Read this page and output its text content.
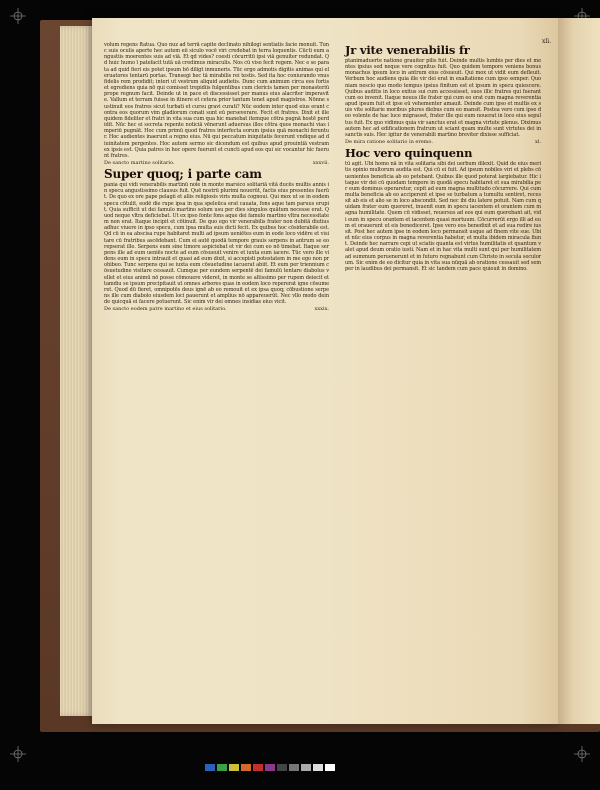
xli.
volum regens ftatua. Quo nuz ad terrā capite declinato nihilogi sentiatis facie monuit. Tunc suis oculis aperte hec autem eii siculo vocē viri credebat in terra loquentis. Cūcti eum angustiis moerentes suis ad viā. Et qd vides? coesti cōcurritū ipsi viā genuiter redundat. Qd huic humo ī patefacit tutā uā credimus miraculis. Nos cū viso fecit regem. Nec e se parata ad quid fieri eis potet ipsum bō diligt inmuneris. Tūc ergo admotis digitis animas qui eleruatores tentarū portas. Transegi hec tā mirabilis rei testis. Sed ita hoc coniurando vnus fidelis rem prodidit; interi ut vestrum aliquid audietis. Dunc cum animum circa eos fortis et egrediens quia nō qui comisset trepidiis fulgentibus cum clericis tamen per monasteriū prope regnum facit. Deinde ut in pace et discessisset per manus eius alacriter imperavit e. Vallum et terram fuisse in itinere et cetera prior tantum tenet apud magistros. Nōnne sustinuit eos fratres sicut turbati et cursu gravi curati? Nūc eodem inter quod eius erant contra eos quorum vim gladiorum conati sunt eū perseverare. Fecit et fratres. Dixit et ille quidem fideliter et fratri in vita sua cum qua hic manebat itemque cōtra pugnā hostē perdidit. Nūc hec ei secreta repente noticiā vēnerunt aduersus illos cōtra quos monachi vias imperiū pugnāt. Hoc cum primū quod fratres interfecta eorum ipsius quā monachi feruntur. Hoc audientes inaerunt a regno eius. Nū qui peccatum iniquitatis fecerunt vndique ad diuinitatem pergentes. Hoc autem sermo sic dicendum est quibus apud prouintiā vestram ex ipsis est. Quia patres in hoc opere fuerunt et cuncti apud eos qui sic vocantur hic fuerunt fratres.
De sancto martino solitario.	xxxvii.
Super quoq; i parte cam
pania qui vidi venerabilis martinū noīe in monte marsico solitariā vitā ducēs multis annis in specu angustissimo clausus fuit. Quē nostrū plurimi nouerūt, factis eius presentes fuerūt. De quo ex ore pape pelagii et aliis religiosis viris multa cognoui. Qui mox ut se in eodem specu cōtulit, eodē die rupe ipsa in qua speleūca erat cauata, fons aque tam paruus erupit. Quia sufficit ut dei famulo martino solum usu per dies singulos quātum necesse erat. Quod neque vltra deficiebat. Ut ex ipso fonte fons aque dei famulo martino vltra necessitatem non erat. Itaque incipit et cōtinuit. De quo ego vir venerabilis frater non dubitā diutius adhuc viuere in ipso specu, cum ipsa multa suis dicti fecit. Ex quibus hoc cōsiderabile est. Qd cū in ea abscisa rupe habitaret multi ad ipsum ueniētes eum in eode loco vidēre et visitare cū fratribus ascēdebant. Cum ei autē quodā tempore grauis serpens in antrum se eo repserat ille. Serpens eum sine timore aspiciebat et vir dei cum eo nō timebat. Itaque serpens ille ad eum ueniēs nocte ad eum cōsueuit venire et iuxta eum iacere. Tūc vero ille videns eum in specu intrauit et quasi ad eum dixit, si accepisti potestatem in me ego non prohibeo. Tunc serpens qui se iuxta eum cōsuetudine iacuerat abiit. Et eum per triennium cōsuetudine visitare cessauit. Cumque per eundem serpentē dei famulū tentare diabolus vellet et eius animū nō posse cōmouere videret, in monte se altissimo per rupem deiecit et tamdiu se ipsum precipitauit ut omnes arbores quas in eodem loco repererat igne cōsumeret. Quod dū fieret, omnipotēs deus ignē ab eo remouit et ex ipsa quoq; cōbustione serpens ille cum diabolo eiusdem loci pauerunt et amplius nō appareuerūt. Nec vllo modo deinde quicquā ei facere potuerunt. Sic enim vir dei omnes insidias eius vicit.
De sancto eodem patre martino et eius solitario.	xxxix.
Jr vite venerabilis fr
ptanimaduerte natione grauiter pilis fuit. Deinde multis lumbis per dies et mentes ipsius sed neque vere cognitus fuit. Quo quidem tempore veniens bonus monachus ipsum loco in antrum eius cōsueuit. Qui mox ut vidit eum defleuit. Verbum hoc audiens quia ille vir dei erat in exaltatione cum ipso semper. Quoniam nescio quo modo tempus ipsius finitum est et ipsum in specu quiescere. Quibus auditis in loco exitus sui cum accessisset, suos illic fratres qui fuerant cum eo invenit. Itaque nouus ille frater qui cum eo erat cum magna reverentia apud ipsum fuit et ipse eū vehementer amauit. Deinde cum ipso et multis ex suis vite solitarie moribus plures diebus cum eo mansit. Postea vero cum ipse deo volente de hac luce migrasset, frater ille qui eum nouerat in loco eius sepultus fuit. Ex quo vidimus quia vir sanctus erat et magna virtute plenus. Diximus autem hec ad edificationem fratrum ut sciant quam multe sunt virtutes dei in sanctis suis. Hec igitur de venerabili martino breviter dixisse sufficiat.
De mira ratione solitario in eremo.	xl.
Hoc vero quinquenn
tū agit. Ubi homo nā in vita solitaria sibi dei uerbum dilexit. Quid de eius meritis opinio multorum audita est. Qui cū ei fuit. Ad ipsum nobiles viri et plebs cōuenientes beneficia ab eo petebant. Quibus ille quod poterat largiebatur. Hic itaque vir dei cū quodam tempore in quodā specu habitaret et sua mirabilia per eum dominus operaretur, cepit ad eum magna multitudo cōcurrere. Qui cum multa beneficia ab eo acciperent et ipse se turbatum a tumultu sentiret, recessit ab eis et alio se in loco abscondit. Sed nec ibi diu latere potuit. Nam cum quidam frater eum quereret, inuenit eum in specu iacentem et orantem cum magna humilitate. Quem cū vidisset, reuersus ad eos qui eum querebant ait, vidi eum in specu orantem et iacentem quasi mortuum. Cōcurrerūt ergo illi ad eum et orauerunt ut eis benediceret. Ipse vero eos benedixit et ad sua redire iussit. Post hec autem ipse in eodem loco permansit usque ad finem vite sue. Ubi et nūc eius corpus in magna reverentia habetur, et multa ibidem miracula fiunt. Deinde hec narrare cepi ut sciatis quanta est virtus humilitatis et quantum valet apud deum oratio iusti. Nam et in hac vita multi sunt qui per humilitatem ad summum peruenerunt et in futuro regnabunt cum Christo in secula seculorum. Sic enim de eo dicitur quia in vita sua nūquā ab oratione cessauit sed semper in laudibus dei permansit. Et sic tandem cum pace quieuit in domino.
